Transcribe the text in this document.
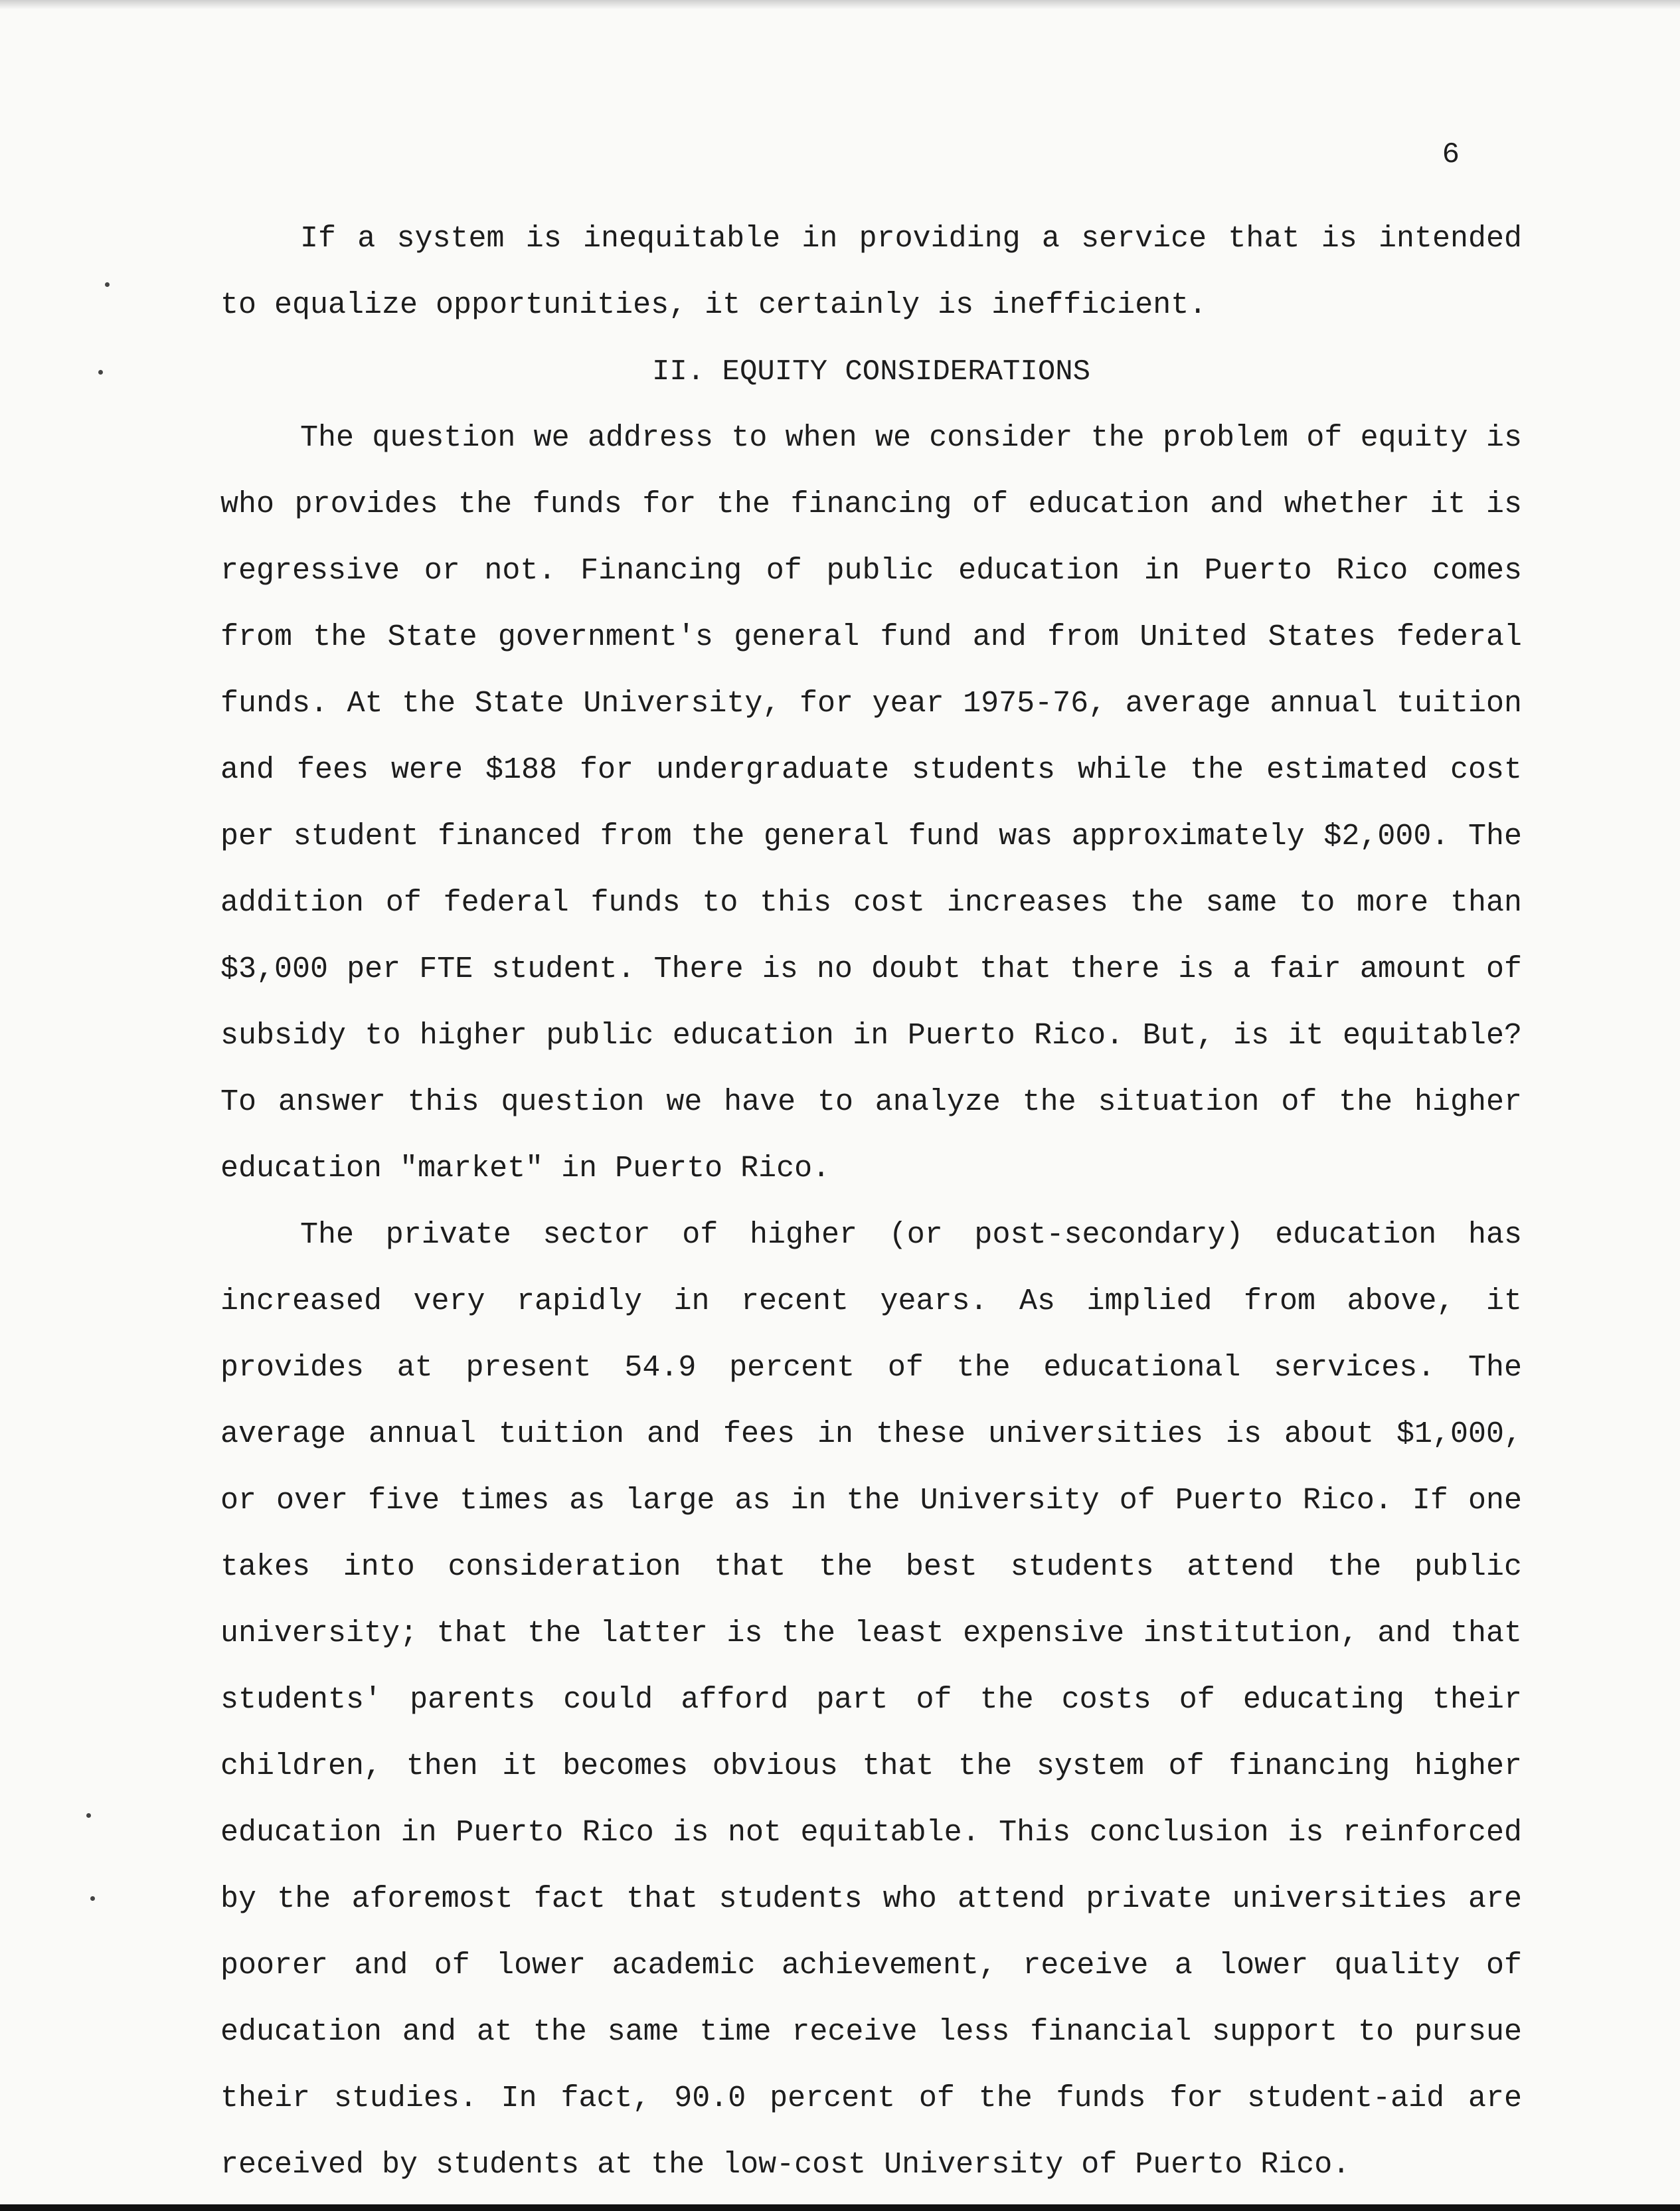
6

If a system is inequitable in providing a service that is intended to equalize opportunities, it certainly is inefficient.

II. EQUITY CONSIDERATIONS

The question we address to when we consider the problem of equity is who provides the funds for the financing of education and whether it is regressive or not. Financing of public education in Puerto Rico comes from the State government's general fund and from United States federal funds. At the State University, for year 1975-76, average annual tuition and fees were $188 for undergraduate students while the estimated cost per student financed from the general fund was approximately $2,000. The addition of federal funds to this cost increases the same to more than $3,000 per FTE student. There is no doubt that there is a fair amount of subsidy to higher public education in Puerto Rico. But, is it equitable? To answer this question we have to analyze the situation of the higher education "market" in Puerto Rico.

The private sector of higher (or post-secondary) education has increased very rapidly in recent years. As implied from above, it provides at present 54.9 percent of the educational services. The average annual tuition and fees in these universities is about $1,000, or over five times as large as in the University of Puerto Rico. If one takes into consideration that the best students attend the public university; that the latter is the least expensive institution, and that students' parents could afford part of the costs of educating their children, then it becomes obvious that the system of financing higher education in Puerto Rico is not equitable. This conclusion is reinforced by the aforemost fact that students who attend private universities are poorer and of lower academic achievement, receive a lower quality of education and at the same time receive less financial support to pursue their studies. In fact, 90.0 percent of the funds for student-aid are received by students at the low-cost University of Puerto Rico.
